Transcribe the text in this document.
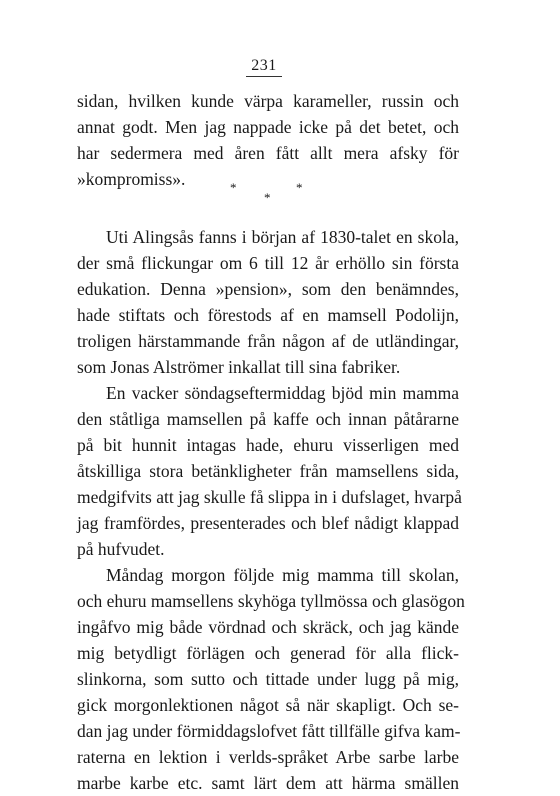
231
sidan, hvilken kunde värpa karameller, russin och
annat godt. Men jag nappade icke på det betet, och
har sedermera med åren fått allt mera afsky för
»kompromiss».	*
*
*
Uti Alingsås fanns i början af 1830-talet en skola,
der små flickungar om 6 till 12 år erhöllo sin första
edukation. Denna »pension», som den benämndes,
hade stiftats och förestods af en mamsell Podolijn,
troligen härstammande från någon af de utländingar,
som Jonas Alströmer inkallat till sina fabriker.
En vacker söndagseftermiddag bjöd min mamma
den ståtliga mamsellen på kaffe och innan påtårarne
på bit hunnit intagas hade, ehuru visserligen med
åtskilliga stora betänkligheter från mamsellens sida,
medgifvits att jag skulle få slippa in i dufslaget, hvarpå
jag framfördes, presenterades och blef nådigt klappad
på hufvudet.
Måndag morgon följde mig mamma till skolan,
och ehuru mamsellens skyhöga tyllmössa och glasögon
ingåfvo mig både vördnad och skräck, och jag kände
mig betydligt förlägen och generad för alla flick-
slinkorna, som sutto och tittade under lugg på mig,
gick morgonlektionen något så när skapligt. Och se-
dan jag under förmiddagslofvet fått tillfälle gifva kam-
raterna en lektion i verlds-språket Arbe sarbe larbe
marbe karbe etc. samt lärt dem att härma smällen
